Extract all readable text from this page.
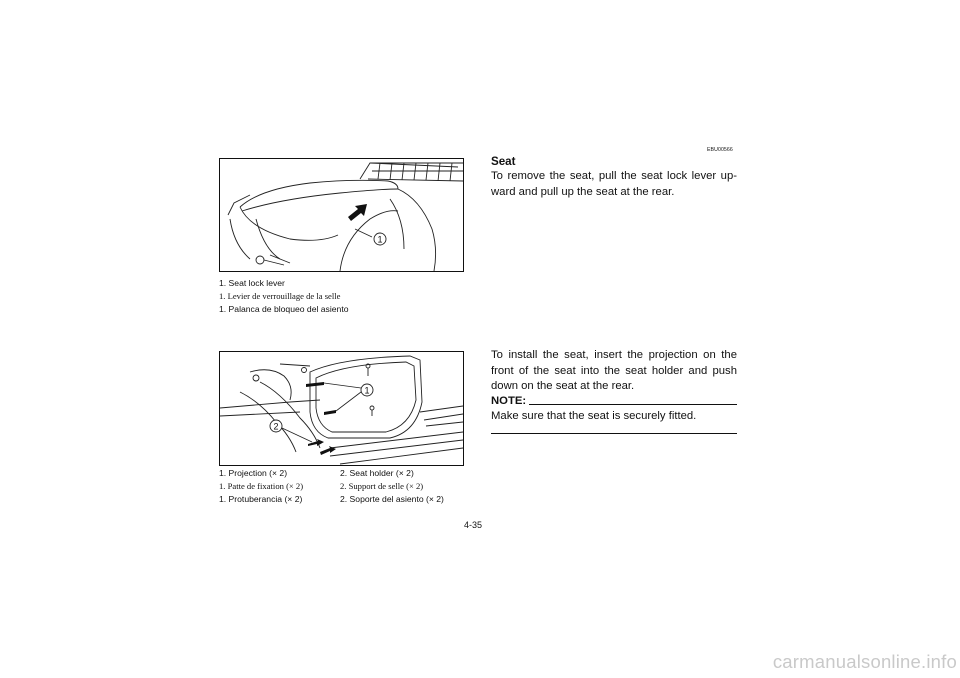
1
1. Seat lock lever
1. Levier de verrouillage de la selle
1. Palanca de bloqueo del asiento
1
2
1. Projection (× 2)	2. Seat holder (× 2)
1. Patte de fixation (× 2)	2. Support de selle (× 2)
1. Protuberancia (× 2)	2. Soporte del asiento (× 2)
EBU00566
Seat
To remove the seat, pull the seat lock lever up-ward and pull up the seat at the rear.
To install the seat, insert the projection on the front of the seat into the seat holder and push down on the seat at the rear.
NOTE:
Make sure that the seat is securely fitted.
4-35
carmanualsonline.info
